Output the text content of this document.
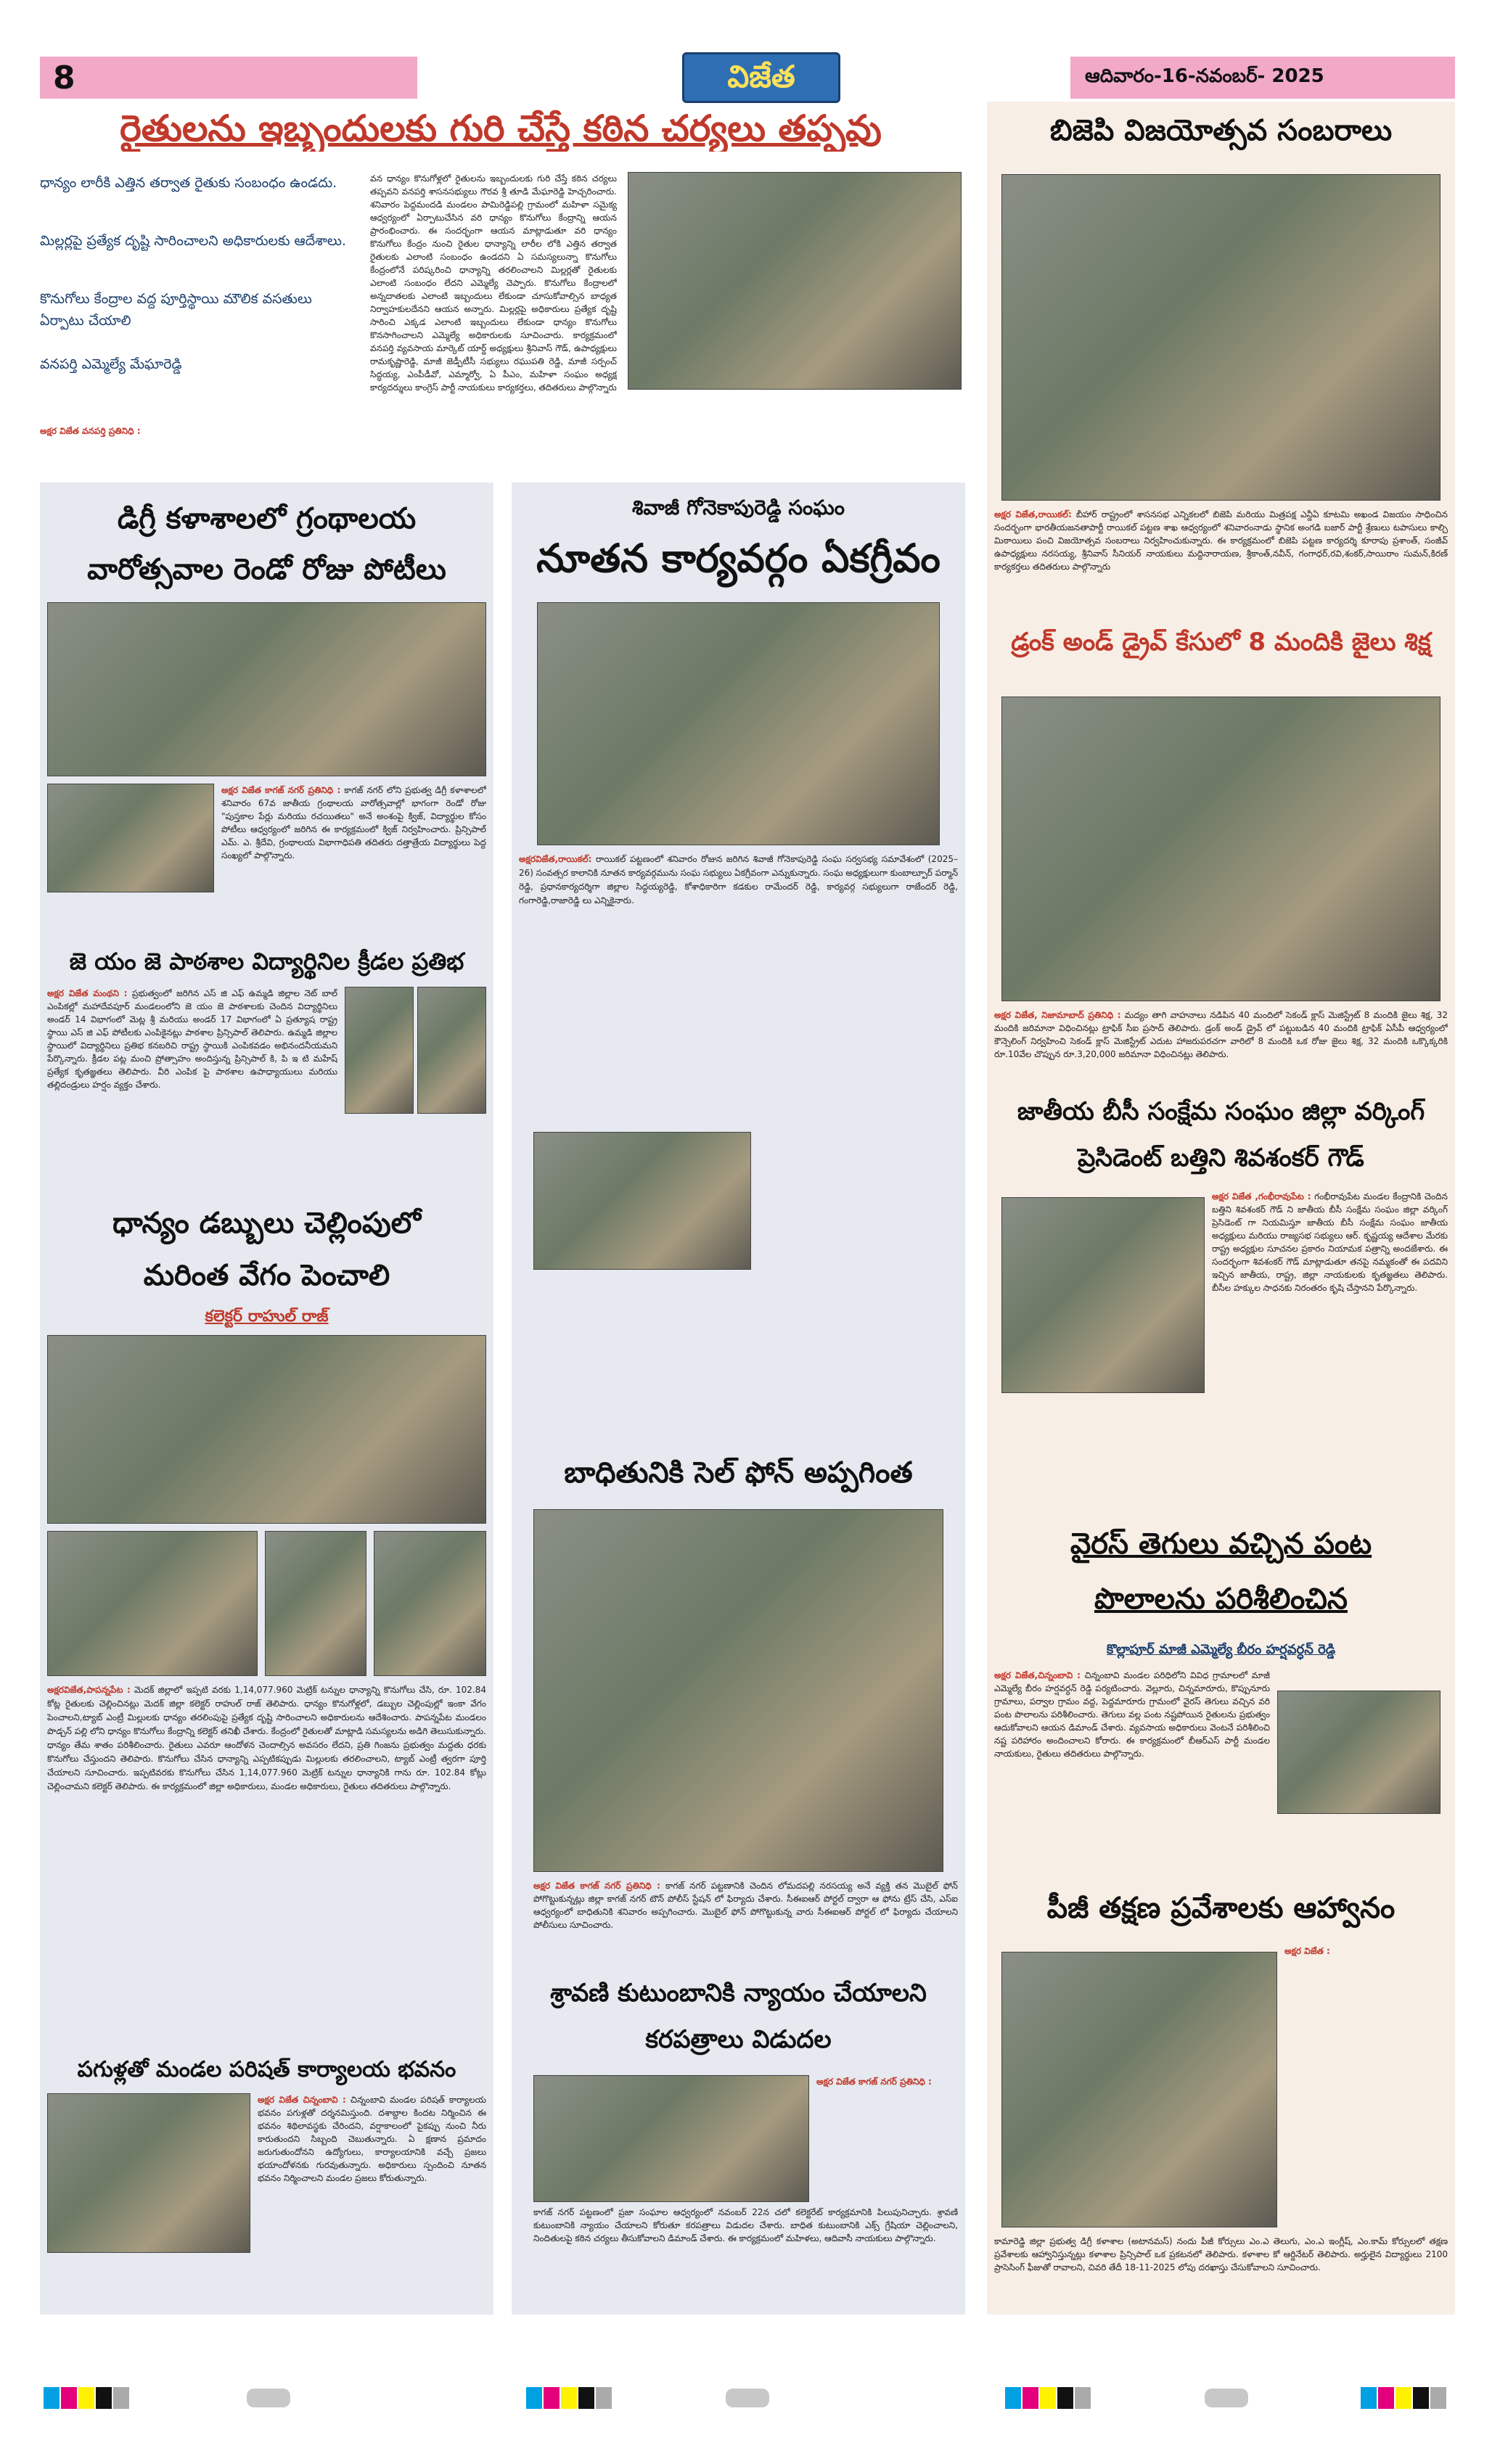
8	విజేత	ఆదివారం-16-నవంబర్- 2025
రైతులను ఇబ్బందులకు గురి చేస్తే కఠిన చర్యలు తప్పవు
ధాన్యం లారీకి ఎత్తిన తర్వాత రైతుకు సంబంధం ఉండదు.
మిల్లర్లపై ప్రత్యేక దృష్టి సారించాలని అధికారులకు ఆదేశాలు.
కొనుగోలు కేంద్రాల వద్ద పూర్తిస్థాయి మౌలిక వసతులు ఏర్పాటు చేయాలి
వనపర్తి ఎమ్మెల్యే మేఘారెడ్డి
అక్షర విజేత వనపర్తి ప్రతినిధి :
వన ధాన్యం కొనుగోళ్లలో రైతులను ఇబ్బందులకు గురి చేస్తే కఠిన చర్యలు తప్పవని వనపర్తి శాసనసభ్యులు గౌరవ శ్రీ తూడి మేఘారెడ్డి హెచ్చరించారు. శనివారం పెద్దమందడి మండలం పామిరెడ్డిపల్లి గ్రామంలో మహిళా సమైక్య ఆధ్వర్యంలో ఏర్పాటుచేసిన వరి ధాన్యం కొనుగోలు కేంద్రాన్ని ఆయన ప్రారంభించారు. ఈ సందర్భంగా ఆయన మాట్లాడుతూ వరి ధాన్యం కొనుగోలు కేంద్రం నుంచి రైతుల ధాన్యాన్ని లారీల లోకి ఎత్తిన తర్వాత రైతులకు ఎలాంటి సంబంధం ఉండదని ఏ సమస్యలున్నా కొనుగోలు కేంద్రంలోనే పరిష్కరించి ధాన్యాన్ని తరలించాలని మిల్లర్లతో రైతులకు ఎలాంటి సంబంధం లేదని ఎమ్మెల్యే చెప్పారు. కొనుగోలు కేంద్రాలలో అన్నదాతలకు ఎలాంటి ఇబ్బందులు లేకుండా చూసుకోవాల్సిన బాధ్యత నిర్వాహకులదేనని ఆయన అన్నారు. మిల్లర్లపై అధికారులు ప్రత్యేక దృష్టి సారించి ఎక్కడ ఎలాంటి ఇబ్బందులు లేకుండా ధాన్యం కొనుగోలు కొనసాగించాలని ఎమ్మెల్యే అధికారులకు సూచించారు. కార్యక్రమంలో వనపర్తి వ్యవసాయ మార్కెట్ యార్డ్ అధ్యక్షులు శ్రీనివాస్ గౌడ్, ఉపాధ్యక్షులు రామకృష్ణారెడ్డి, మాజీ జెడ్పీటీసీ సభ్యులు రఘుపతి రెడ్డి, మాజీ సర్పంచ్ సిద్ధయ్య, ఎంపీడీవో, ఎమ్మార్వో, ఏ పీఎం, మహిళా సంఘం అధ్యక్ష కార్యదర్శులు కాంగ్రెస్ పార్టీ నాయకులు కార్యకర్తలు, తదితరులు పాల్గొన్నారు
డిగ్రీ కళాశాలలో గ్రంథాలయ వారోత్సవాల రెండో రోజు పోటీలు
అక్షర విజేత కాగజ్ నగర్ ప్రతినిధి : కాగజ్ నగర్ లోని ప్రభుత్వ డిగ్రీ కళాశాలలో శనివారం 67వ జాతీయ గ్రంథాలయ వారోత్సవాల్లో భాగంగా రెండో రోజు "పుస్తకాల పేర్లు మరియు రచయితలు" అనే అంశంపై క్విజ్, విద్యార్థుల కోసం పోటీలు ఆధ్వర్యంలో జరిగిన ఈ కార్యక్రమంలో క్విజ్ నిర్వహించారు. ప్రిన్సిపాల్ ఎమ్. ఎ. శ్రీదేవి, గ్రంథాలయ విభాగాధిపతి తదితరు దత్తాత్రేయ విద్యార్థులు పెద్ద సంఖ్యలో పాల్గొన్నారు.
జె యం జె పాఠశాల విద్యార్థినిల క్రీడల ప్రతిభ
అక్షర విజేత మంథని : ప్రభుత్వంలో జరిగిన ఎస్ జి ఎఫ్ ఉమ్మడి జిల్లాల నెట్ బాల్ ఎంపికల్లో మహాదేవపూర్ మండలంలోని జె యం జె పాఠశాలకు చెందిన విద్యార్థినిలు అండర్ 14 విభాగంలో మెట్ల శ్రీ మరియు అండర్ 17 విభాగంలో ఏ ప్రత్యూష రాష్ట్ర స్థాయి ఎస్ జి ఎఫ్ పోటీలకు ఎంపికైనట్లు పాఠశాల ప్రిన్సిపాల్ తెలిపారు. ఉమ్మడి జిల్లాల స్థాయిలో విద్యార్థినిలు ప్రతిభ కనబరిచి రాష్ట్ర స్థాయికి ఎంపికవడం అభినందనీయమని పేర్కొన్నారు. క్రీడల పట్ల మంచి ప్రోత్సాహం అందిస్తున్న ప్రిన్సిపాల్ కి, పి ఇ టి మహేష్ ప్రత్యేక కృతజ్ఞతలు తెలిపారు. వీరి ఎంపిక పై పాఠశాల ఉపాధ్యాయులు మరియు తల్లిదండ్రులు హర్షం వ్యక్తం చేశారు.
ధాన్యం డబ్బులు చెల్లింపులో మరింత వేగం పెంచాలి
కలెక్టర్ రాహుల్ రాజ్
అక్షరవిజేత,పాపన్నపేట : మెదక్ జిల్లాలో ఇప్పటి వరకు 1,14,077.960 మెట్రిక్ టన్నుల ధాన్యాన్ని కొనుగోలు చేసి, రూ. 102.84 కోట్ల రైతులకు చెల్లించినట్లు మెదక్ జిల్లా కలెక్టర్ రాహుల్ రాజ్ తెలిపారు. ధాన్యం కొనుగోళ్లలో, డబ్బుల చెల్లింపుల్లో ఇంకా వేగం పెంచాలని,ట్యాబ్ ఎంట్రీ మిల్లులకు ధాన్యం తరలింపుపై ప్రత్యేక దృష్టి సారించాలని అధికారులను ఆదేశించారు. పాపన్నపేట మండలం పొడ్చన్ పల్లి లోని ధాన్యం కొనుగోలు కేంద్రాన్ని కలెక్టర్ తనిఖీ చేశారు. కేంద్రంలో రైతులతో మాట్లాడి సమస్యలను అడిగి తెలుసుకున్నారు. ధాన్యం తేమ శాతం పరిశీలించారు. రైతులు ఎవరూ ఆందోళన చెందాల్సిన అవసరం లేదని, ప్రతి గింజను ప్రభుత్వం మద్దతు ధరకు కొనుగోలు చేస్తుందని తెలిపారు. కొనుగోలు చేసిన ధాన్యాన్ని ఎప్పటికప్పుడు మిల్లులకు తరలించాలని, ట్యాబ్ ఎంట్రీ త్వరగా పూర్తి చేయాలని సూచించారు. ఇప్పటివరకు కొనుగోలు చేసిన 1,14,077.960 మెట్రిక్ టన్నుల ధాన్యానికి గాను రూ. 102.84 కోట్లు చెల్లించామని కలెక్టర్ తెలిపారు. ఈ కార్యక్రమంలో జిల్లా అధికారులు, మండల అధికారులు, రైతులు తదితరులు పాల్గొన్నారు.
పగుళ్లతో మండల పరిషత్ కార్యాలయ భవనం
అక్షర విజేత చిన్నంబావి : చిన్నంబావి మండల పరిషత్ కార్యాలయ భవనం పగుళ్లతో దర్శనమిస్తుంది. దశాబ్దాల కిందట నిర్మించిన ఈ భవనం శిథిలావస్థకు చేరిందని, వర్షాకాలంలో పైకప్పు నుంచి నీరు కారుతుందని సిబ్బంది చెబుతున్నారు. ఏ క్షణాన ప్రమాదం జరుగుతుందోనని ఉద్యోగులు, కార్యాలయానికి వచ్చే ప్రజలు భయాందోళనకు గురవుతున్నారు. అధికారులు స్పందించి నూతన భవనం నిర్మించాలని మండల ప్రజలు కోరుతున్నారు.
శివాజీ గోనెకాపురెడ్డి సంఘం
నూతన కార్యవర్గం ఏకగ్రీవం
అక్షరవిజేత,రాయికల్: రాయికల్ పట్టణంలో శనివారం రోజున జరిగిన శివాజీ గోనెకాపురెడ్డి సంఘ సర్వసభ్య సమావేశంలో (2025–26) సంవత్సర కాలానికి నూతన కార్యవర్గమును సంఘ సభ్యులు ఏకగ్రీవంగా ఎన్నుకున్నారు. సంఘ అధ్యక్షులుగా కుంబాల్పూర్ పర్మాన్ రెడ్డి, ప్రధానకార్యదర్శిగా జిల్లాల సిద్ధయ్యరెడ్డి, కోశాధికారిగా కడకుల రామేందర్ రెడ్డి, కార్యవర్గ సభ్యులుగా రాజేందర్ రెడ్డి, గంగారెడ్డి,రాజారెడ్డి లు ఎన్నికైనారు.
బాధితునికి సెల్ ఫోన్ అప్పగింత
అక్షర విజేత కాగజ్ నగర్ ప్రతినిధి : కాగజ్ నగర్ పట్టణానికి చెందిన లోమదపల్లి నరసయ్య అనే వ్యక్తి తన మొబైల్ ఫోన్ పోగొట్టుకున్నట్లు జిల్లా కాగజ్ నగర్ టౌన్ పోలీస్ స్టేషన్ లో ఫిర్యాదు చేశారు. సీఈఐఆర్ పోర్టల్ ద్వారా ఆ ఫోను ట్రేస్ చేసి, ఎస్ఐ ఆధ్వర్యంలో బాధితునికి శనివారం అప్పగించారు. మొబైల్ ఫోన్ పోగొట్టుకున్న వారు సీఈఐఆర్ పోర్టల్ లో ఫిర్యాదు చేయాలని పోలీసులు సూచించారు.
శ్రావణి కుటుంబానికి న్యాయం చేయాలని కరపత్రాలు విడుదల
అక్షర విజేత కాగజ్ నగర్ ప్రతినిధి :
కాగజ్ నగర్ పట్టణంలో ప్రజా సంఘాల ఆధ్వర్యంలో నవంబర్ 22న చలో కలెక్టరేట్ కార్యక్రమానికి పిలుపునిచ్చారు. శ్రావణి కుటుంబానికి న్యాయం చేయాలని కోరుతూ కరపత్రాలు విడుదల చేశారు. బాధిత కుటుంబానికి ఎక్స్ గ్రేషియా చెల్లించాలని, నిందితులపై కఠిన చర్యలు తీసుకోవాలని డిమాండ్ చేశారు. ఈ కార్యక్రమంలో మహిళలు, ఆదివాసీ నాయకులు పాల్గొన్నారు.
బిజెపి విజయోత్సవ సంబరాలు
అక్షర విజేత,రాయికల్: బీహార్ రాష్ట్రంలో శాసనసభ ఎన్నికలలో బిజెపి మరియు మిత్రపక్ష ఎన్డీఏ కూటమి అఖండ విజయం సాధించిన సందర్భంగా భారతీయజనతాపార్టీ రాయికల్ పట్టణ శాఖ ఆధ్వర్యంలో శనివారంనాడు స్థానిక అంగడి బజార్ పార్టీ శ్రేణులు టపాసులు కాల్చి మిఠాయిలు పంచి విజయోత్సవ సంబరాలు నిర్వహించుకున్నారు. ఈ కార్యక్రమంలో బిజెపి పట్టణ కార్యదర్శి కూరాపు ప్రశాంత్, సంజీవ్ ఉపాధ్యక్షులు నరసయ్య, శ్రీనివాస్ సీనియర్ నాయకులు మద్దినారాయణ, శ్రీకాంత్,నవీన్, గంగాధర్,రవి,శంకర్,సాయిరాం సుమన్,కిరణ్ కార్యకర్తలు తదితరులు పాల్గొన్నారు
డ్రంక్ అండ్ డ్రైవ్ కేసులో 8 మందికి జైలు శిక్ష
అక్షర విజేత, నిజామాబాద్ ప్రతినిధి : మద్యం తాగి వాహనాలు నడిపిన 40 మందిలో సెకండ్ క్లాస్ మెజిస్ట్రేట్ 8 మందికి జైలు శిక్ష, 32 మందికి జరిమానా విధించినట్లు ట్రాఫిక్ సీఐ ప్రసాద్ తెలిపారు. డ్రంక్ అండ్ డ్రైవ్ లో పట్టుబడిన 40 మందికి ట్రాఫిక్ ఏసీపీ ఆధ్వర్యంలో కౌన్సెలింగ్ నిర్వహించి సెకండ్ క్లాస్ మెజిస్ట్రేట్ ఎదుట హాజరుపరచగా వారిలో 8 మందికి ఒక రోజు జైలు శిక్ష, 32 మందికి ఒక్కొక్కరికి రూ.10వేల చొప్పున రూ.3,20,000 జరిమానా విధించినట్లు తెలిపారు.
జాతీయ బీసీ సంక్షేమ సంఘం జిల్లా వర్కింగ్ ప్రెసిడెంట్ బత్తిని శివశంకర్ గౌడ్
అక్షర విజేత ,గంభీరావుపేట : గంభీరావుపేట మండల కేంద్రానికి చెందిన బత్తిని శివశంకర్ గౌడ్ ని జాతీయ బీసీ సంక్షేమ సంఘం జిల్లా వర్కింగ్ ప్రెసిడెంట్ గా నియమిస్తూ జాతీయ బీసీ సంక్షేమ సంఘం జాతీయ అధ్యక్షులు మరియు రాజ్యసభ సభ్యులు ఆర్. కృష్ణయ్య ఆదేశాల మేరకు రాష్ట్ర అధ్యక్షుల సూచనల ప్రకారం నియామక పత్రాన్ని అందజేశారు. ఈ సందర్భంగా శివశంకర్ గౌడ్ మాట్లాడుతూ తనపై నమ్మకంతో ఈ పదవిని ఇచ్చిన జాతీయ, రాష్ట్ర, జిల్లా నాయకులకు కృతజ్ఞతలు తెలిపారు. బీసీల హక్కుల సాధనకు నిరంతరం కృషి చేస్తానని పేర్కొన్నారు.
వైరస్ తెగులు వచ్చిన పంట పొలాలను పరిశీలించిన
కొల్లాపూర్ మాజీ ఎమ్మెల్యే బీరం హర్షవర్ధన్ రెడ్డి
అక్షర విజేత,చిన్నంబావి : చిన్నంబావి మండల పరిధిలోని వివిధ గ్రామాలలో మాజీ ఎమ్మెల్యే బీరం హర్షవర్ధన్ రెడ్డి పర్యటించారు. వెల్లూరు, చిన్నమారూరు, కొప్పునూరు గ్రామాలు, పర్వాల గ్రామం వద్ద, పెద్దమారూరు గ్రామంలో వైరస్ తెగులు వచ్చిన వరి పంట పొలాలను పరిశీలించారు. తెగులు వల్ల పంట నష్టపోయిన రైతులను ప్రభుత్వం ఆదుకోవాలని ఆయన డిమాండ్ చేశారు. వ్యవసాయ అధికారులు వెంటనే పరిశీలించి నష్ట పరిహారం అందించాలని కోరారు. ఈ కార్యక్రమంలో బీఆర్ఎస్ పార్టీ మండల నాయకులు, రైతులు తదితరులు పాల్గొన్నారు.
పీజీ తక్షణ ప్రవేశాలకు ఆహ్వానం
అక్షర విజేత :
కామారెడ్డి జిల్లా ప్రభుత్వ డిగ్రీ కళాశాల (అటానమస్) నందు పీజీ కోర్సులు ఎం.ఎ తెలుగు, ఎం.ఎ ఇంగ్లీష్, ఎం.కామ్ కోర్సులలో తక్షణ ప్రవేశాలకు ఆహ్వానిస్తున్నట్లు కళాశాల ప్రిన్సిపాల్ ఒక ప్రకటనలో తెలిపారు. కళాశాల కో ఆర్డినేటర్ తెలిపారు. అర్హులైన విద్యార్థులు 2100 ప్రాసెసింగ్ ఫీజుతో రావాలని, చివరి తేదీ 18-11-2025 లోపు దరఖాస్తు చేసుకోవాలని సూచించారు.
